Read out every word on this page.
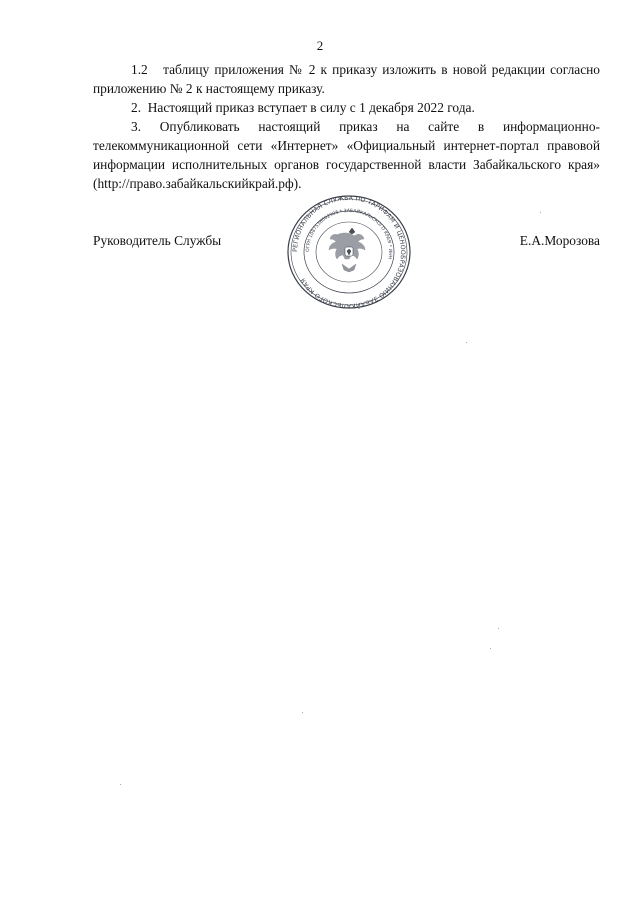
2

1.2   таблицу приложения № 2 к приказу изложить в новой редакции согласно приложению № 2 к настоящему приказу.

2.  Настоящий приказ вступает в силу с 1 декабря 2022 года.

3. Опубликовать настоящий приказ на сайте в информационно-телекоммуникационной сети «Интернет» «Официальный интернет-портал правовой информации исполнительных органов государственной власти Забайкальского края» (http://право.забайкальскийкрай.рф).

Руководитель Службы	Е.А.Морозова
РЕГИОНАЛЬНАЯ СЛУЖБА ПО ТАРИФАМ И ЦЕНООБРАЗОВАНИЮ ЗАБАЙКАЛЬСКОГО КРАЯ
ОГРН 1087536002905 * ЗАБАЙКАЛЬСКОГО КРАЯ * ИНН
